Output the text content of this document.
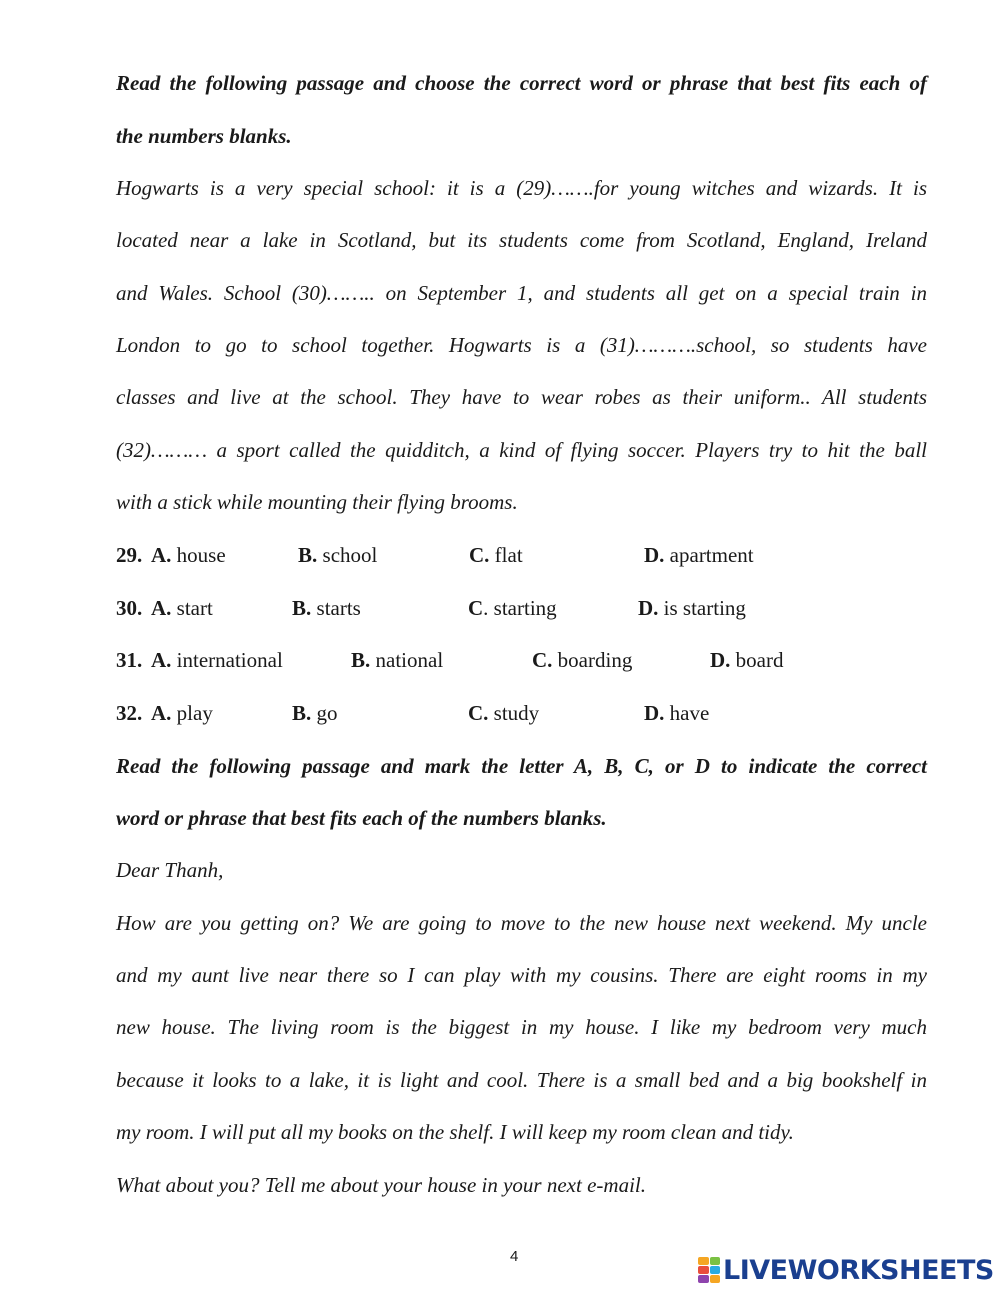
Read the following passage and choose the correct word or phrase that best fits each of

the numbers blanks.

Hogwarts is a very special school: it is a (29)…….for young witches and wizards. It is

located near a lake in Scotland, but its students come from Scotland, England, Ireland

and Wales. School (30)…….. on September 1, and students all get on a special train in

London to go to school together. Hogwarts is a (31)……….school, so students have

classes and live at the school. They have to wear robes as their uniform.. All students

(32)……… a sport called the quidditch, a kind of flying soccer. Players try to hit the ball

with a stick while mounting their flying brooms.

29. A. house	B. school	C. flat	D. apartment
30. A. start	B. starts	C. starting	D. is starting
31. A. international	B. national	C. boarding	D. board
32. A. play	B. go	C. study	D. have

Read the following passage and mark the letter A, B, C, or D to indicate the correct

word or phrase that best fits each of the numbers blanks.

Dear Thanh,

How are you getting on? We are going to move to the new house next weekend. My uncle

and my aunt live near there so I can play with my cousins. There are eight rooms in my

new house. The living room is the biggest in my house. I like my bedroom very much

because it looks to a lake, it is light and cool. There is a small bed and a big bookshelf in

my room. I will put all my books on the shelf. I will keep my room clean and tidy.

What about you? Tell me about your house in your next e-mail.

4	LIVEWORKSHEETS
